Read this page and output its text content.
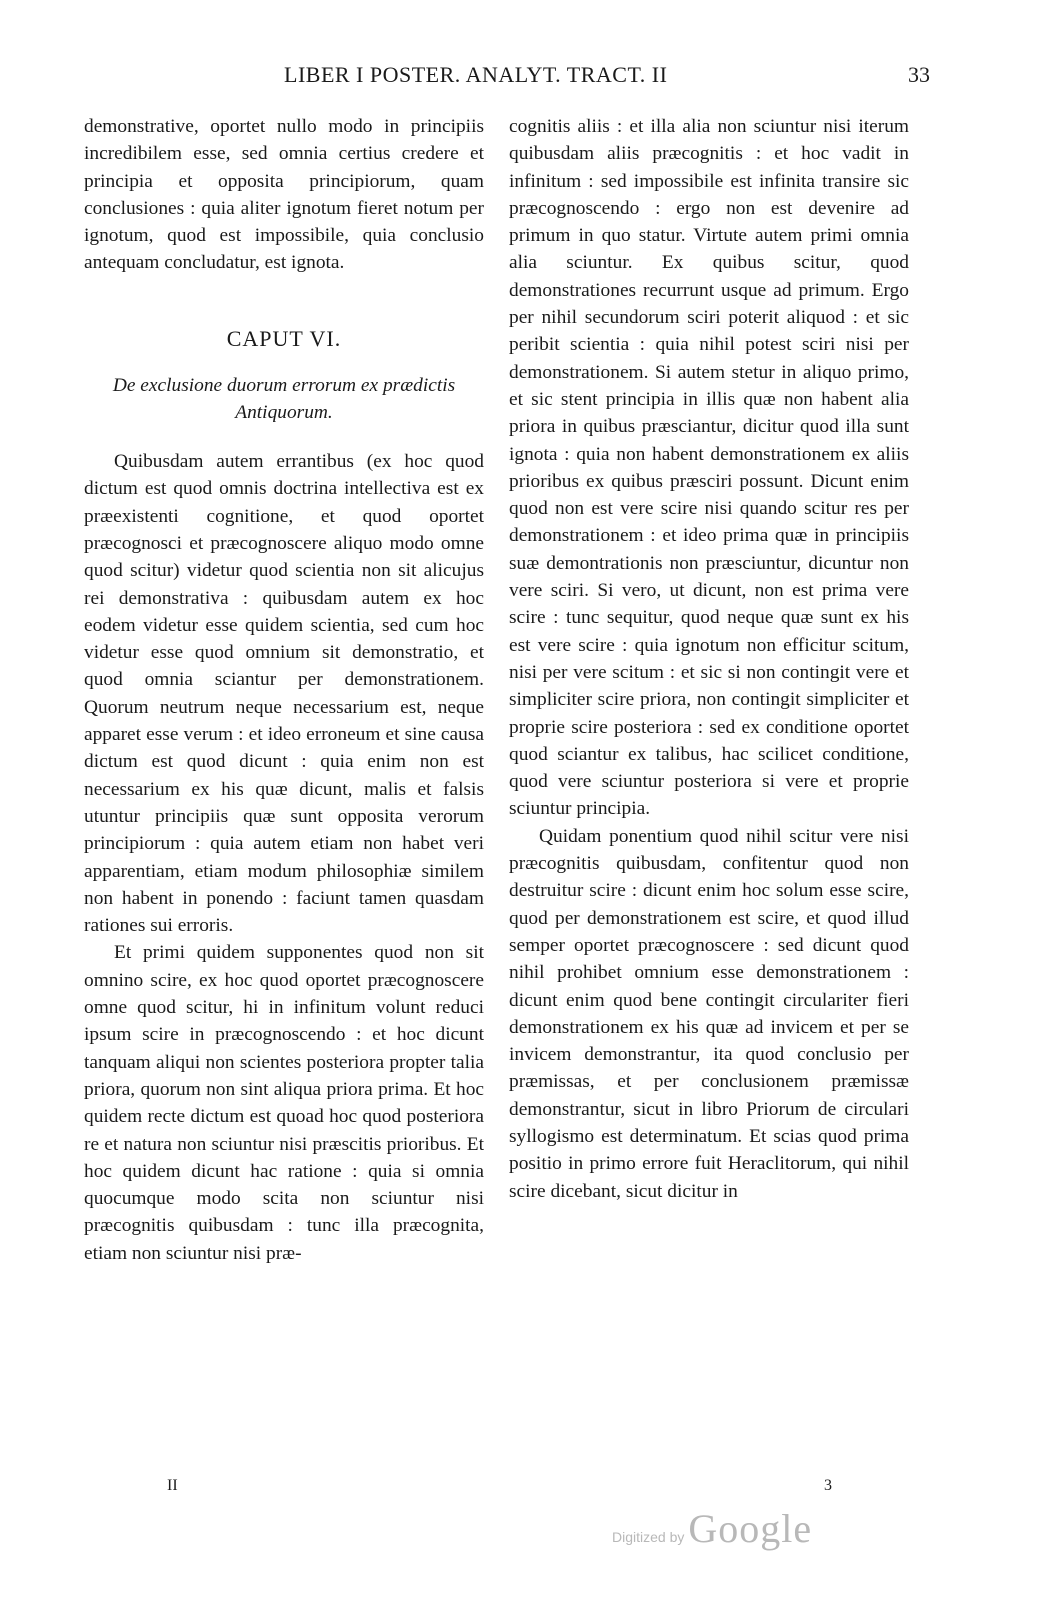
LIBER I POSTER. ANALYT. TRACT. II	33

demonstrative, oportet nullo modo in principiis incredibilem esse, sed omnia certius credere et principia et opposita principiorum, quam conclusiones : quia aliter ignotum fieret notum per ignotum, quod est impossibile, quia conclusio antequam concludatur, est ignota.

CAPUT VI.
De exclusione duorum errorum ex prædictis Antiquorum.

Quibusdam autem errantibus (ex hoc quod dictum est quod omnis doctrina intellectiva est ex præexistenti cognitione, et quod oportet præcognosci et præcognoscere aliquo modo omne quod scitur) videtur quod scientia non sit alicujus rei demonstrativa : quibusdam autem ex hoc eodem videtur esse quidem scientia, sed cum hoc videtur esse quod omnium sit demonstratio, et quod omnia sciantur per demonstrationem. Quorum neutrum neque necessarium est, neque apparet esse verum : et ideo erroneum et sine causa dictum est quod dicunt : quia enim non est necessarium ex his quæ dicunt, malis et falsis utuntur principiis quæ sunt opposita verorum principiorum : quia autem etiam non habet veri apparentiam, etiam modum philosophiæ similem non habent in ponendo : faciunt tamen quasdam rationes sui erroris.

Et primi quidem supponentes quod non sit omnino scire, ex hoc quod oportet præcognoscere omne quod scitur, hi in infinitum volunt reduci ipsum scire in præcognoscendo : et hoc dicunt tanquam aliqui non scientes posteriora propter talia priora, quorum non sint aliqua priora prima. Et hoc quidem recte dictum est quoad hoc quod posteriora re et natura non sciuntur nisi præscitis prioribus. Et hoc quidem dicunt hac ratione : quia si omnia quocumque modo scita non sciuntur nisi præcognitis quibusdam : tunc illa præcognita, etiam non sciuntur nisi præ-

cognitis aliis : et illa alia non sciuntur nisi iterum quibusdam aliis præcognitis : et hoc vadit in infinitum : sed impossibile est infinita transire sic præcognoscendo : ergo non est devenire ad primum in quo statur. Virtute autem primi omnia alia sciuntur. Ex quibus scitur, quod demonstrationes recurrunt usque ad primum. Ergo per nihil secundorum sciri poterit aliquod : et sic peribit scientia : quia nihil potest sciri nisi per demonstrationem. Si autem stetur in aliquo primo, et sic stent principia in illis quæ non habent alia priora in quibus præsciantur, dicitur quod illa sunt ignota : quia non habent demonstrationem ex aliis prioribus ex quibus præsciri possunt. Dicunt enim quod non est vere scire nisi quando scitur res per demonstrationem : et ideo prima quæ in principiis suæ demontrationis non præsciuntur, dicuntur non vere sciri. Si vero, ut dicunt, non est prima vere scire : tunc sequitur, quod neque quæ sunt ex his est vere scire : quia ignotum non efficitur scitum, nisi per vere scitum : et sic si non contingit vere et simpliciter scire priora, non contingit simpliciter et proprie scire posteriora : sed ex conditione oportet quod sciantur ex talibus, hac scilicet conditione, quod vere sciuntur posteriora si vere et proprie sciuntur principia.

Quidam ponentium quod nihil scitur vere nisi præcognitis quibusdam, confitentur quod non destruitur scire : dicunt enim hoc solum esse scire, quod per demonstrationem est scire, et quod illud semper oportet præcognoscere : sed dicunt quod nihil prohibet omnium esse demonstrationem : dicunt enim quod bene contingit circulariter fieri demonstrationem ex his quæ ad invicem et per se invicem demonstrantur, ita quod conclusio per præmissas, et per conclusionem præmissæ demonstrantur, sicut in libro Priorum de circulari syllogismo est determinatum. Et scias quod prima positio in primo errore fuit Heraclitorum, qui nihil scire dicebant, sicut dicitur in

II	3
Digitized by Google
